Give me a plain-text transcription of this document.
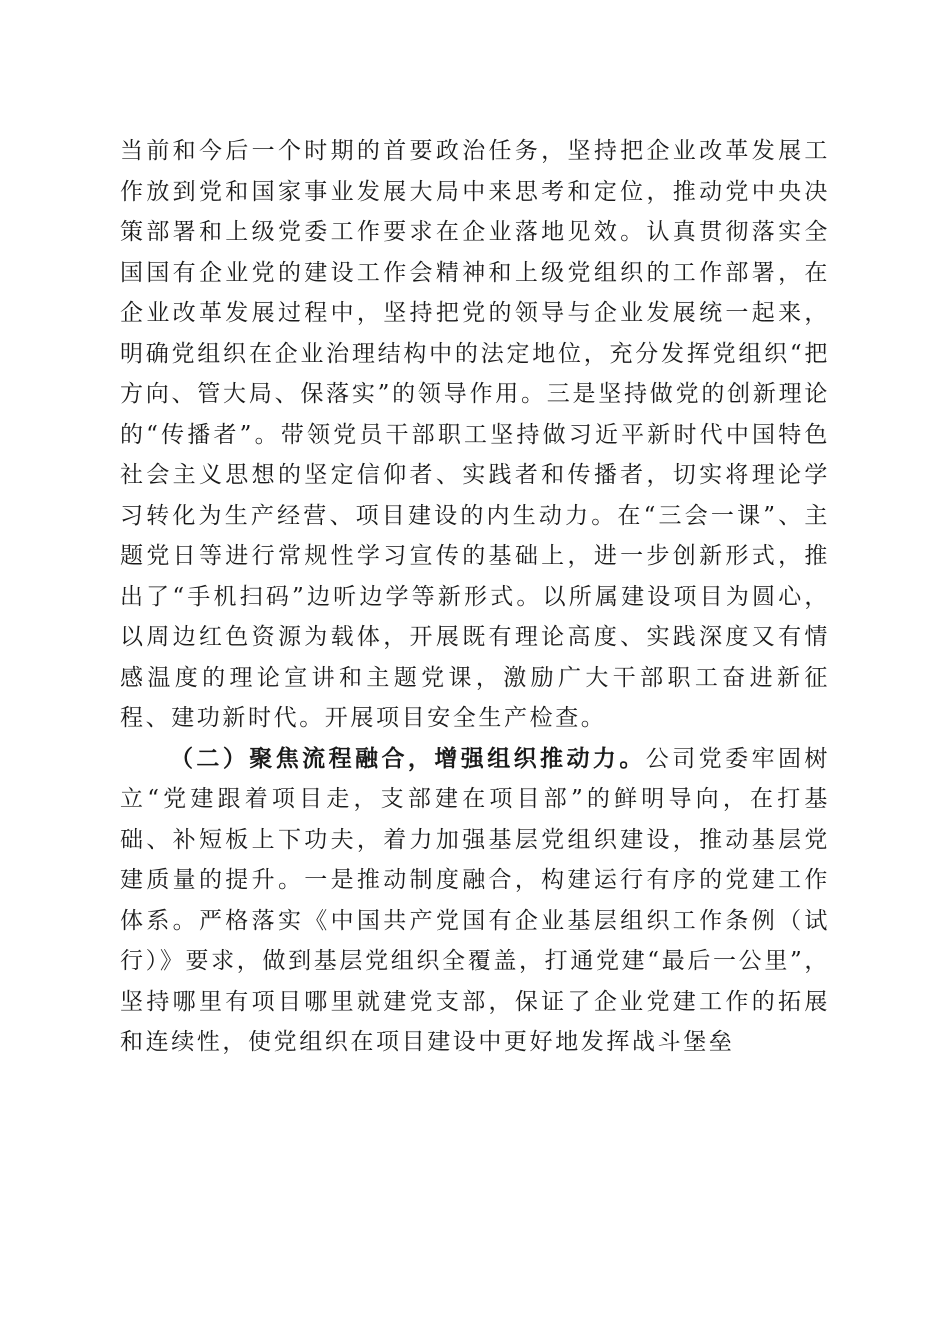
当前和今后一个时期的首要政治任务，坚持把企业改革发展工作放到党和国家事业发展大局中来思考和定位，推动党中央决策部署和上级党委工作要求在企业落地见效。认真贯彻落实全国国有企业党的建设工作会精神和上级党组织的工作部署，在企业改革发展过程中，坚持把党的领导与企业发展统一起来，明确党组织在企业治理结构中的法定地位，充分发挥党组织“把方向、管大局、保落实”的领导作用。三是坚持做党的创新理论的“传播者”。带领党员干部职工坚持做习近平新时代中国特色社会主义思想的坚定信仰者、实践者和传播者，切实将理论学习转化为生产经营、项目建设的内生动力。在“三会一课”、主题党日等进行常规性学习宣传的基础上，进一步创新形式，推出了“手机扫码”边听边学等新形式。以所属建设项目为圆心，以周边红色资源为载体，开展既有理论高度、实践深度又有情感温度的理论宣讲和主题党课，激励广大干部职工奋进新征程、建功新时代。开展项目安全生产检查。

（二）聚焦流程融合，增强组织推动力。公司党委牢固树立“党建跟着项目走，支部建在项目部”的鲜明导向，在打基础、补短板上下功夫，着力加强基层党组织建设，推动基层党建质量的提升。一是推动制度融合，构建运行有序的党建工作体系。严格落实《中国共产党国有企业基层组织工作条例（试行）》要求，做到基层党组织全覆盖，打通党建“最后一公里”，坚持哪里有项目哪里就建党支部，保证了企业党建工作的拓展和连续性，使党组织在项目建设中更好地发挥战斗堡垒
